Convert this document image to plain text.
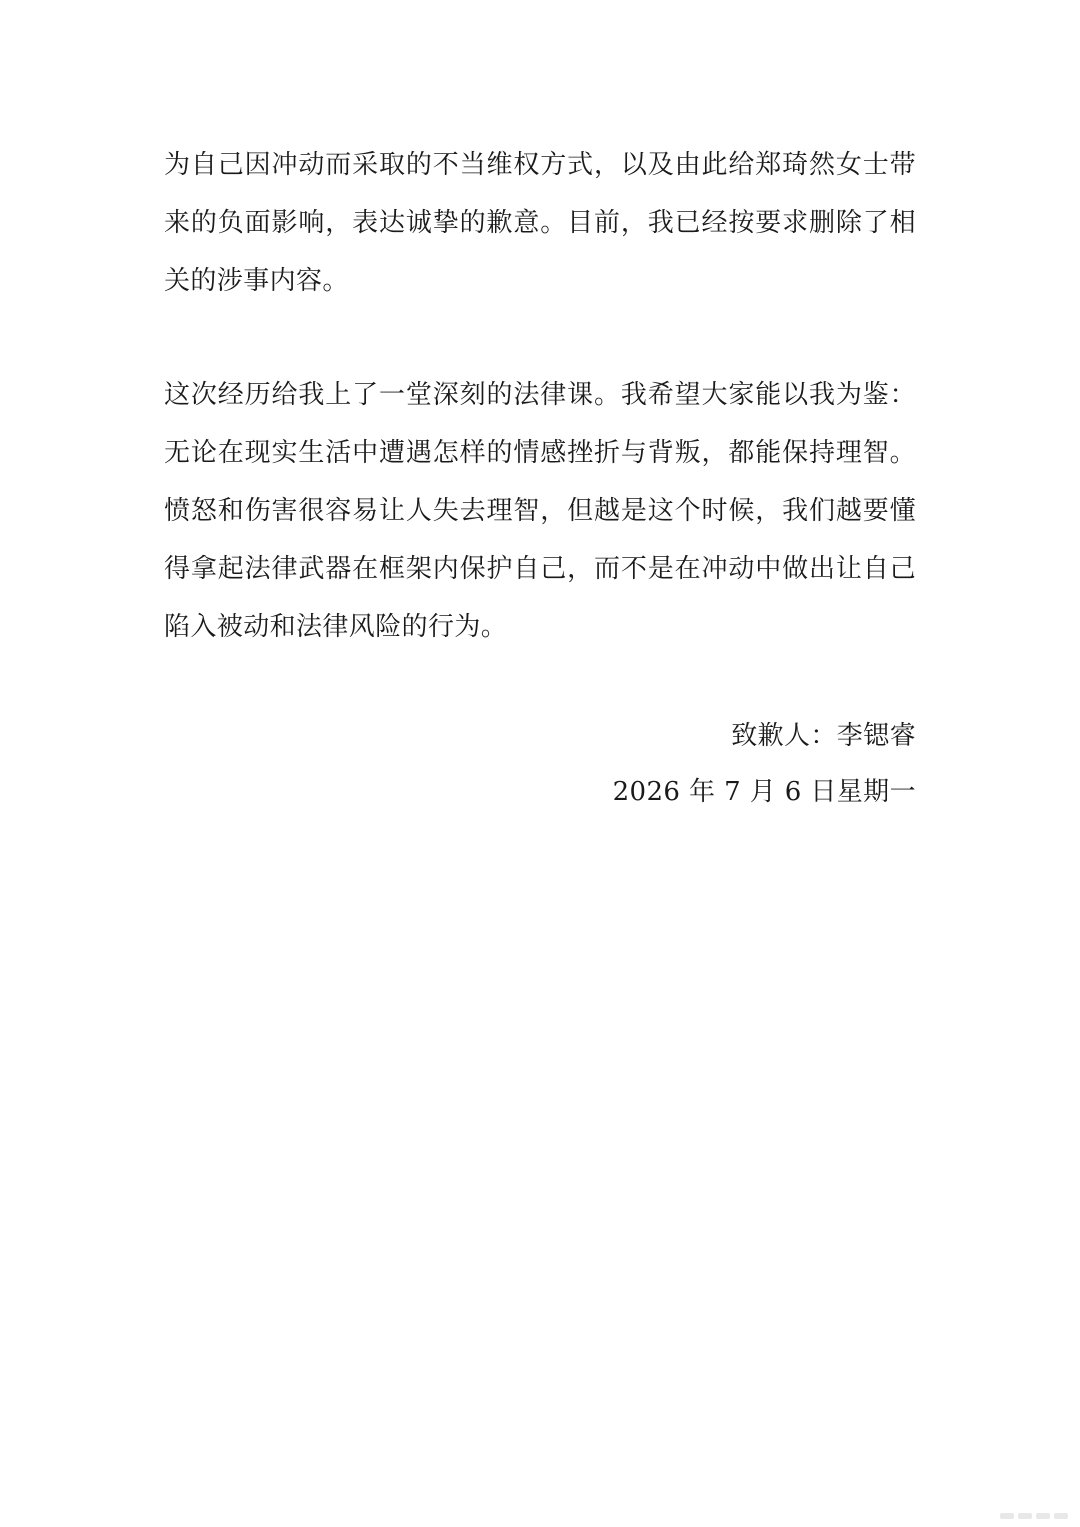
为自己因冲动而采取的不当维权方式，以及由此给郑琦然女士带来的负面影响，表达诚挚的歉意。目前，我已经按要求删除了相关的涉事内容。

这次经历给我上了一堂深刻的法律课。我希望大家能以我为鉴：无论在现实生活中遭遇怎样的情感挫折与背叛，都能保持理智。愤怒和伤害很容易让人失去理智，但越是这个时候，我们越要懂得拿起法律武器在框架内保护自己，而不是在冲动中做出让自己陷入被动和法律风险的行为。

致歉人：李锶睿
2026 年 7 月 6 日星期一
